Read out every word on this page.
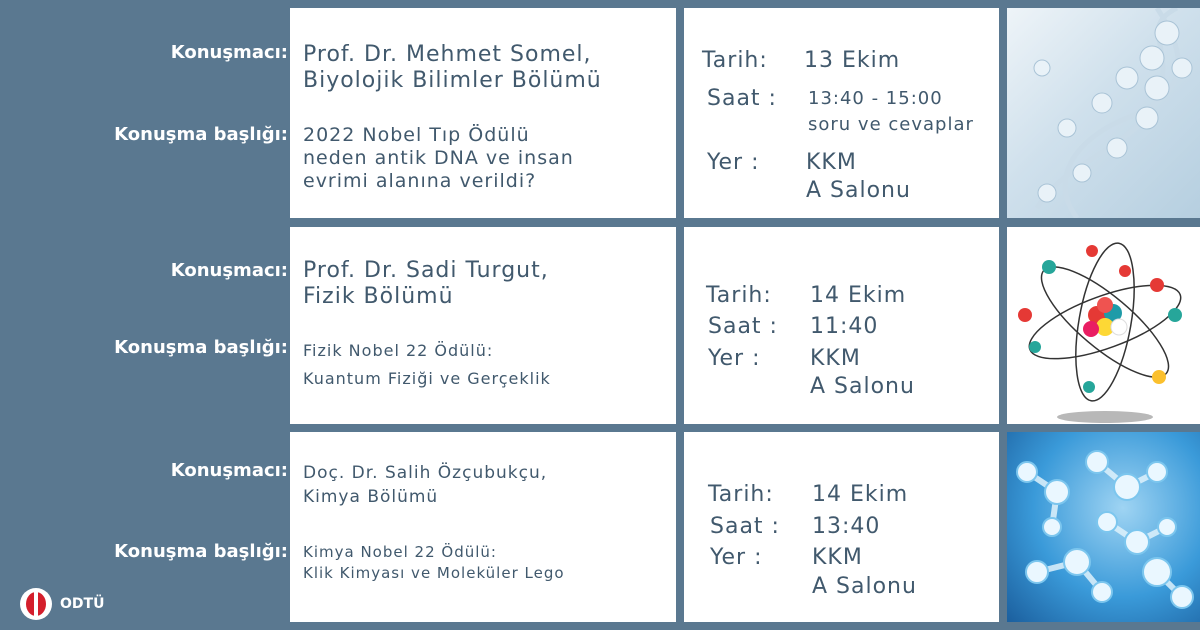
Konuşmacı:
Konuşma başlığı:
Prof. Dr. Mehmet Somel,
Biyolojik Bilimler Bölümü
2022 Nobel Tıp Ödülü
neden antik DNA ve insan
evrimi alanına verildi?
Tarih: 13 Ekim
Saat : 13:40 - 15:00
soru ve cevaplar
Yer : KKM
A Salonu
Konuşmacı:
Konuşma başlığı:
Prof. Dr. Sadi Turgut,
Fizik Bölümü
Fizik Nobel 22 Ödülü:
Kuantum Fiziği ve Gerçeklik
Tarih: 14 Ekim
Saat : 11:40
Yer : KKM
A Salonu
Konuşmacı:
Konuşma başlığı:
Doç. Dr. Salih Özçubukçu,
Kimya Bölümü
Kimya Nobel 22 Ödülü:
Klik Kimyası ve Moleküler Lego
Tarih: 14 Ekim
Saat : 13:40
Yer : KKM
A Salonu
ODTÜ
